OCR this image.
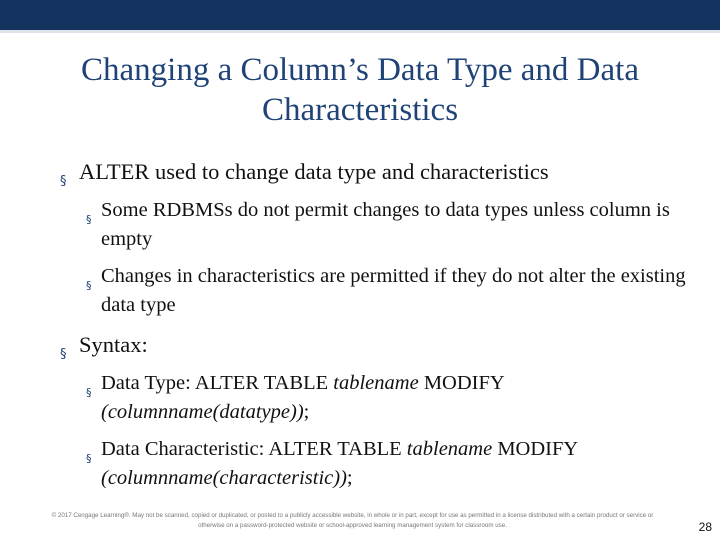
Changing a Column’s Data Type and Data
Characteristics
§ ALTER used to change data type and characteristics
§ Some RDBMSs do not permit changes to data types unless column is empty
§ Changes in characteristics are permitted if they do not alter the existing data type
§ Syntax:
§ Data Type: ALTER TABLE tablename MODIFY (columnname(datatype));
§ Data Characteristic: ALTER TABLE tablename MODIFY (columnname(characteristic));
© 2017 Cengage Learning®. May not be scanned, copied or duplicated, or posted to a publicly accessible website, in whole or in part, except for use as permitted in a license distributed with a certain product or service or otherwise on a password-protected website or school-approved learning management system for classroom use.	28
